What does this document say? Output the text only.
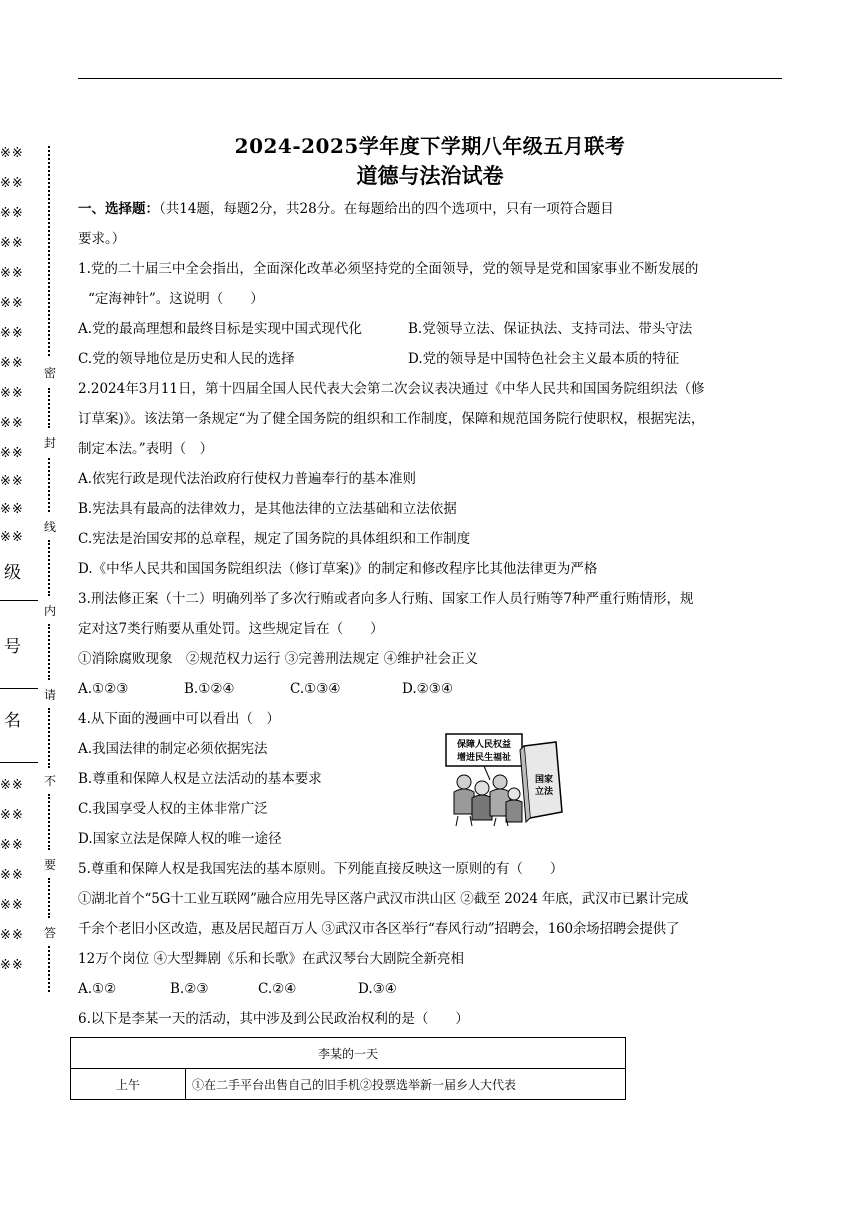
※※
※※
※※
※※
※※
※※
※※
※※
※※
※※
※※
※※
※※
※※
密
封
线
内
请
不
要
答
级
号
名
※※
※※
※※
※※
※※
※※
※※
2024-2025学年度下学期八年级五月联考
道德与法治试卷

一、选择题：（共14题，每题2分，共28分。在每题给出的四个选项中，只有一项符合题目

要求。）

1.党的二十届三中全会指出，全面深化改革必须坚持党的全面领导，党的领导是党和国家事业不断发展的

“定海神针”。这说明（　　）

A.党的最高理想和最终目标是实现中国式现代化	B.党领导立法、保证执法、支持司法、带头守法

C.党的领导地位是历史和人民的选择	D.党的领导是中国特色社会主义最本质的特征

2.2024年3月11日，第十四届全国人民代表大会第二次会议表决通过《中华人民共和国国务院组织法（修

订草案)》。该法第一条规定“为了健全国务院的组织和工作制度，保障和规范国务院行使职权，根据宪法，

制定本法。”表明（　）

A.依宪行政是现代法治政府行使权力普遍奉行的基本准则

B.宪法具有最高的法律效力，是其他法律的立法基础和立法依据

C.宪法是治国安邦的总章程，规定了国务院的具体组织和工作制度

D.《中华人民共和国国务院组织法（修订草案)》的制定和修改程序比其他法律更为严格

3.刑法修正案（十二）明确列举了多次行贿或者向多人行贿、国家工作人员行贿等7种严重行贿情形，规

定对这7类行贿要从重处罚。这些规定旨在（　　）

①消除腐败现象　②规范权力运行 ③完善刑法规定 ④维护社会正义

A.①②③	B.①②④	C.①③④	D.②③④

4.从下面的漫画中可以看出（　）

A.我国法律的制定必须依据宪法

B.尊重和保障人权是立法活动的基本要求

C.我国享受人权的主体非常广泛

D.国家立法是保障人权的唯一途径

5.尊重和保障人权是我国宪法的基本原则。下列能直接反映这一原则的有（　　）

①湖北首个“5G十工业互联网”融合应用先导区落户武汉市洪山区 ②截至 2024 年底，武汉市已累计完成

千余个老旧小区改造，惠及居民超百万人 ③武汉市各区举行“春风行动”招聘会，160余场招聘会提供了

12万个岗位 ④大型舞剧《乐和长歌》在武汉琴台大剧院全新亮相

A.①②	B.②③	C.②④	D.③④

6.以下是李某一天的活动，其中涉及到公民政治权利的是（　　）

保障人民权益
增进民生福祉
国家
立法
李某的一天
上午	①在二手平台出售自己的旧手机②投票选举新一届乡人大代表
